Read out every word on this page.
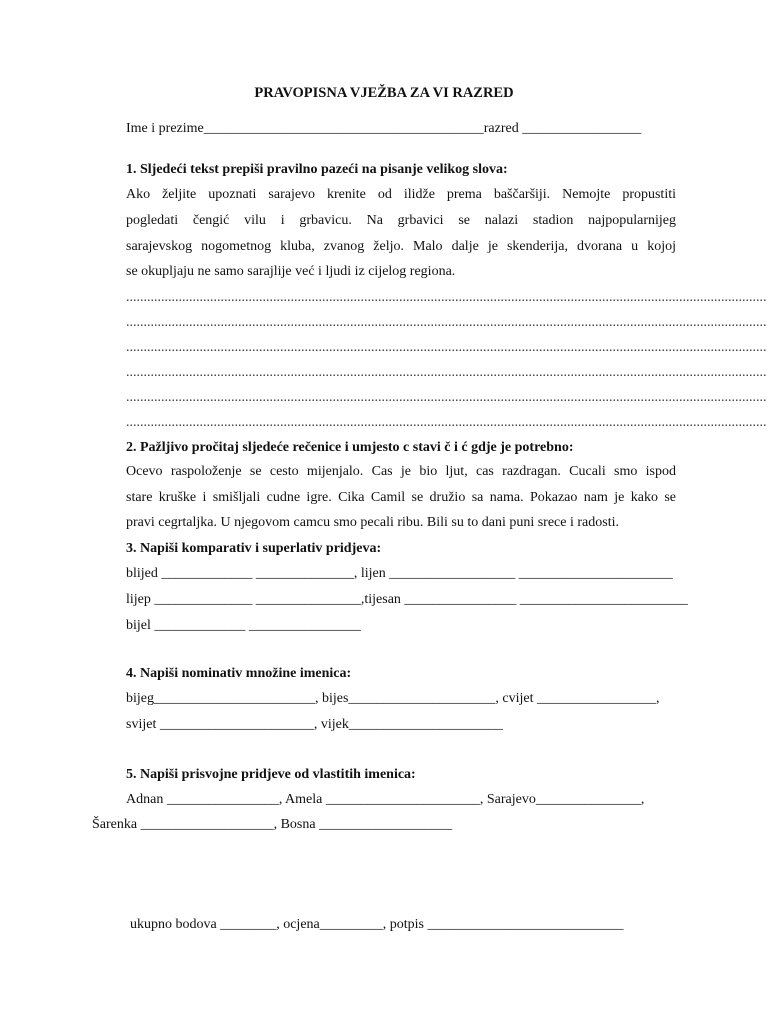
PRAVOPISNA VJEŽBA ZA VI RAZRED
Ime i prezime________________________________________razred _________________
1. Sljedeći tekst prepiši pravilno pazeći na pisanje velikog slova:
Ako željite upoznati sarajevo krenite od ilidže prema baščaršiji. Nemojte propustiti
pogledati čengić vilu i grbavicu. Na grbavici se nalazi stadion najpopularnijeg
sarajevskog nogometnog kluba, zvanog željo. Malo dalje je skenderija, dvorana u kojoj
se okupljaju ne samo sarajlije već i ljudi iz cijelog regiona.
.......................................................................................................................................................................................
.......................................................................................................................................................................................
.......................................................................................................................................................................................
.......................................................................................................................................................................................
.......................................................................................................................................................................................
.......................................................................................................................................................................................
2. Pažljivo pročitaj sljedeće rečenice i umjesto c stavi č i ć gdje je potrebno:
Ocevo raspoloženje se cesto mijenjalo. Cas je bio ljut, cas razdragan. Cucali smo ispod
stare kruške i smišljali cudne igre. Cika Camil se družio sa nama. Pokazao nam je kako se
pravi cegrtaljka. U njegovom camcu smo pecali ribu. Bili su to dani puni srece i radosti.
3. Napiši komparativ i superlativ pridjeva:
blijed _____________ ______________, lijen __________________ ______________________
lijep ______________ _______________,tijesan ________________ ________________________
bijel _____________ ________________
4. Napiši nominativ množine imenica:
bijeg_______________________, bijes_____________________, cvijet _________________,
svijet ______________________, vijek______________________
5. Napiši prisvojne pridjeve od vlastitih imenica:
Adnan ________________, Amela ______________________, Sarajevo_______________,
Šarenka ___________________, Bosna ___________________
ukupno bodova ________, ocjena_________, potpis ____________________________
